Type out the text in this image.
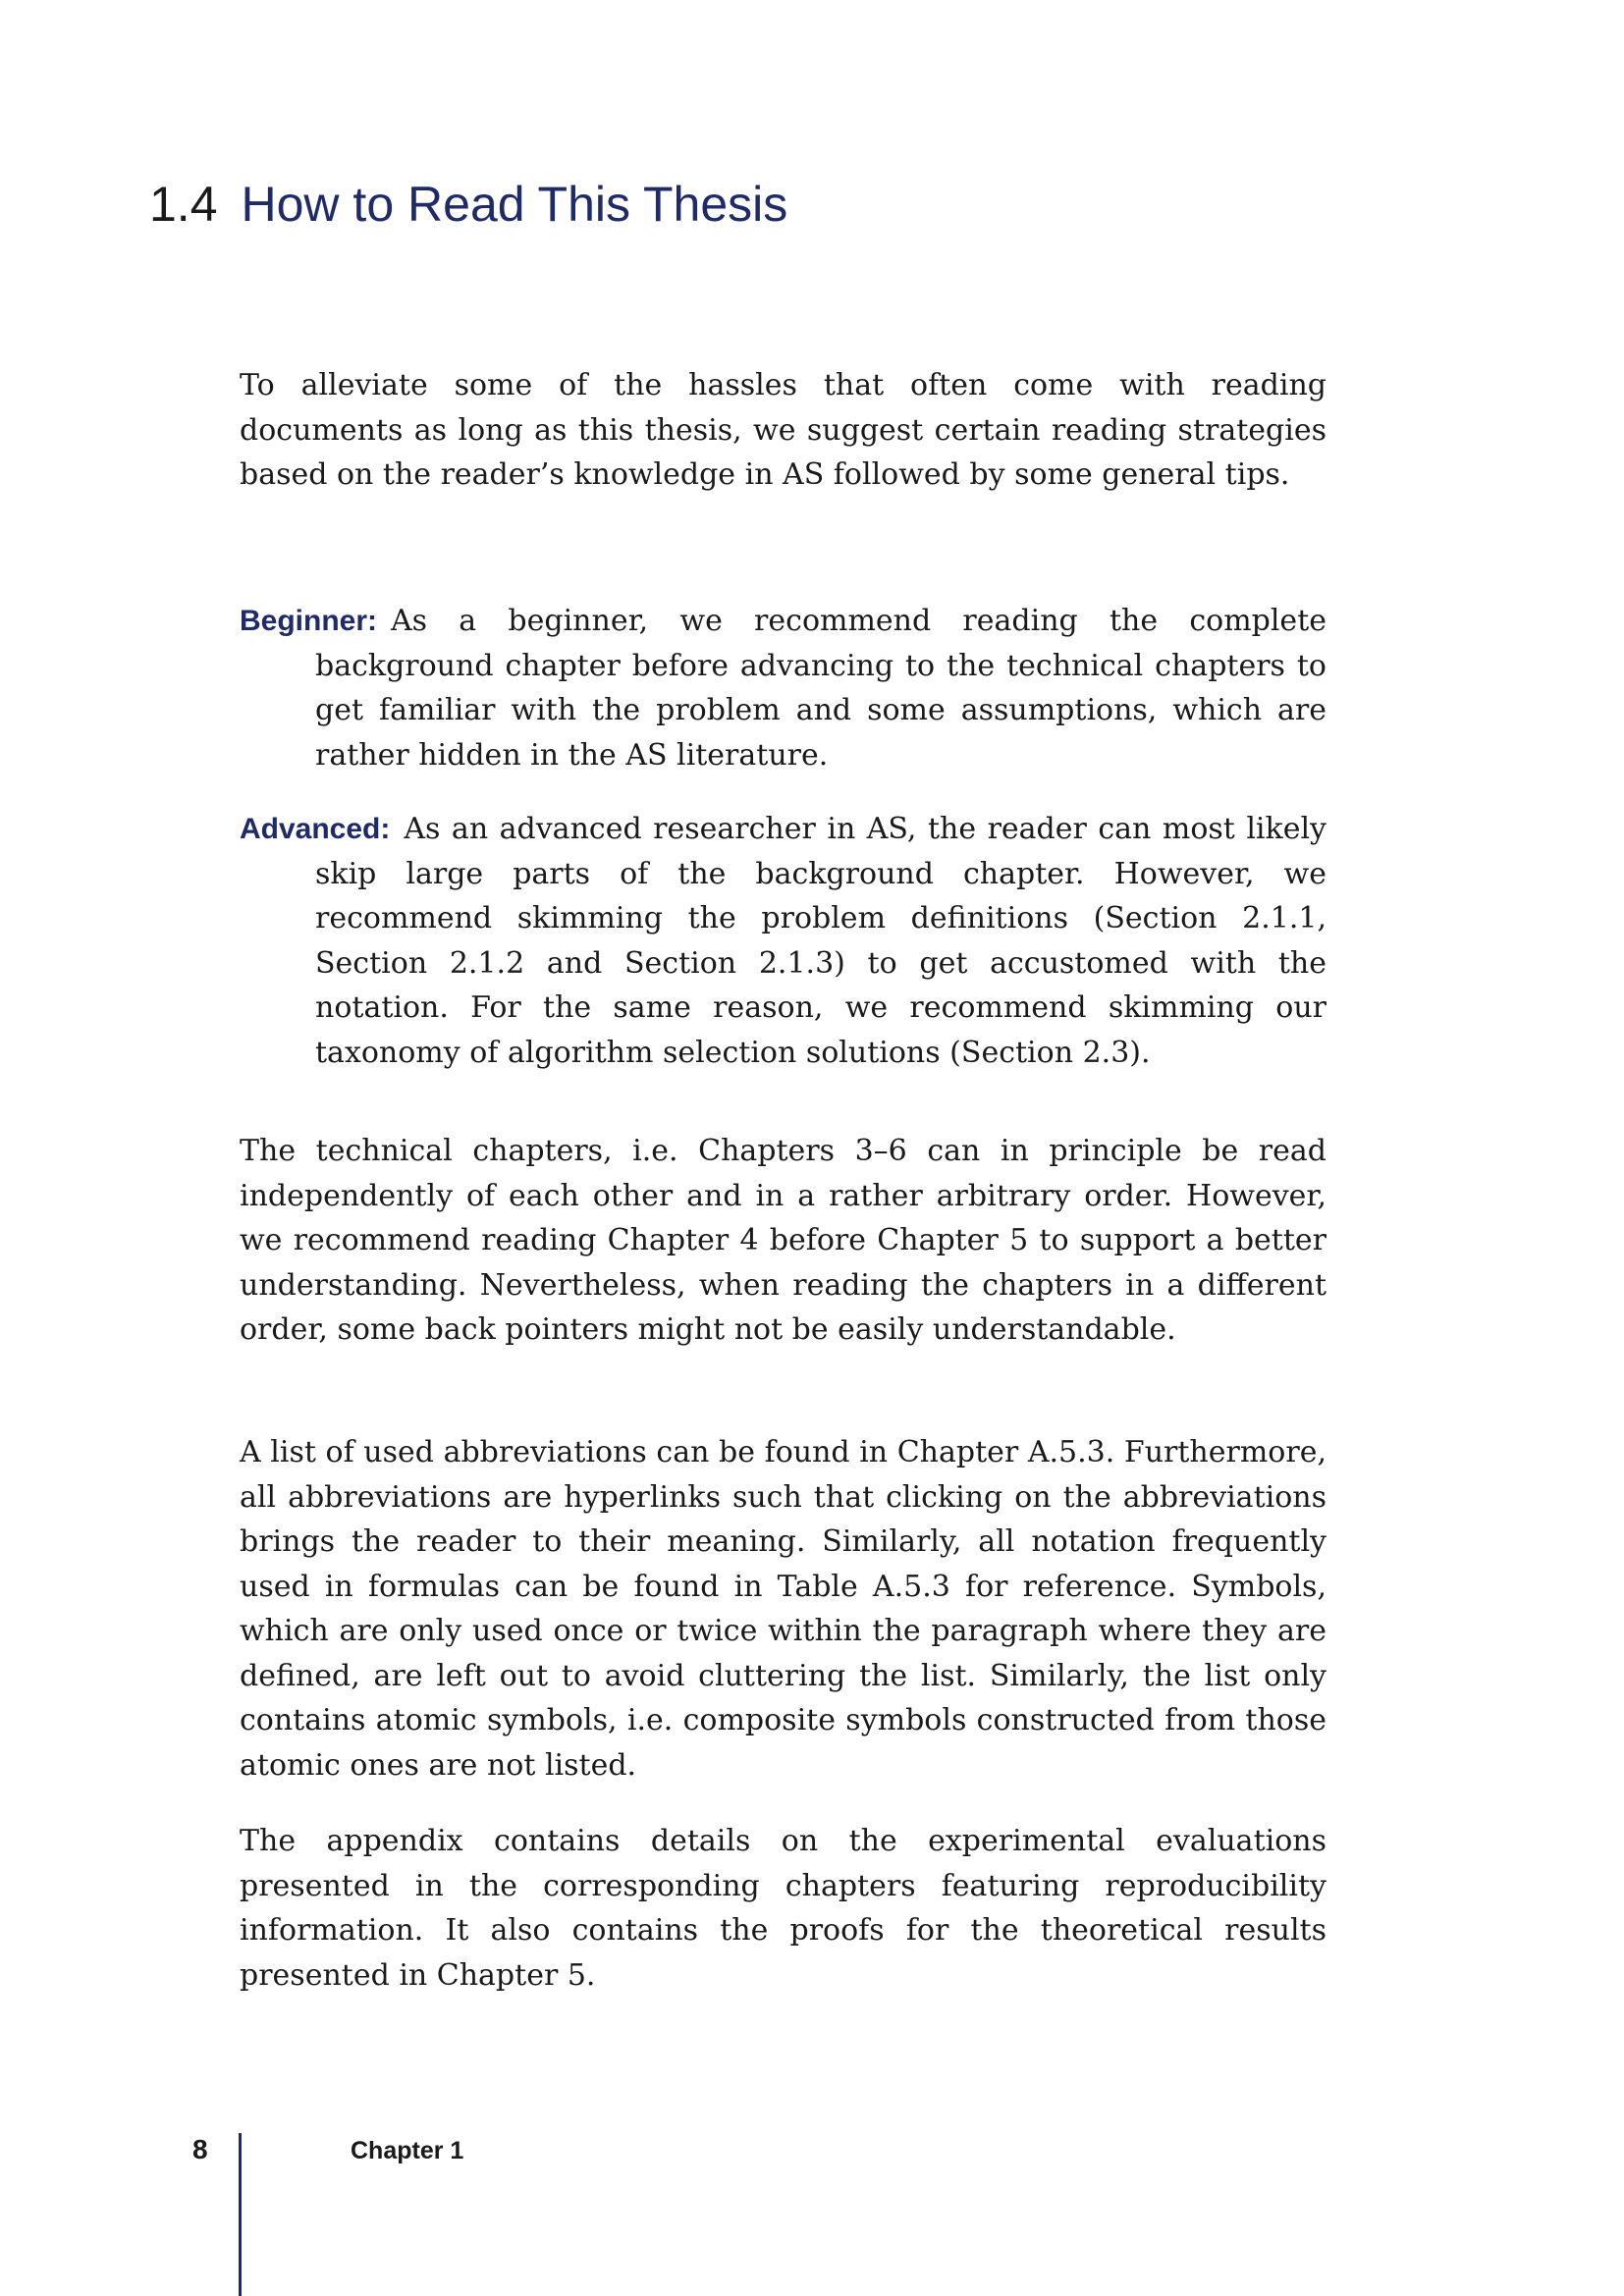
1.4 How to Read This Thesis

To alleviate some of the hassles that often come with reading documents as long as this thesis, we suggest certain reading strategies based on the reader’s knowledge in AS followed by some general tips.

Beginner: As a beginner, we recommend reading the complete background chapter before advancing to the technical chapters to get familiar with the problem and some assumptions, which are rather hidden in the AS literature.
Advanced: As an advanced researcher in AS, the reader can most likely skip large parts of the background chapter. However, we recommend skimming the problem definitions (Section 2.1.1, Section 2.1.2 and Section 2.1.3) to get accustomed with the notation. For the same reason, we recommend skimming our taxonomy of algorithm selection solutions (Section 2.3).

The technical chapters, i.e. Chapters 3–6 can in principle be read independently of each other and in a rather arbitrary order. However, we recommend reading Chapter 4 before Chapter 5 to support a better understanding. Nevertheless, when reading the chapters in a different order, some back pointers might not be easily understandable.

A list of used abbreviations can be found in Chapter A.5.3. Furthermore, all abbreviations are hyperlinks such that clicking on the abbreviations brings the reader to their meaning. Similarly, all notation frequently used in formulas can be found in Table A.5.3 for reference. Symbols, which are only used once or twice within the paragraph where they are defined, are left out to avoid cluttering the list. Similarly, the list only contains atomic symbols, i.e. composite symbols constructed from those atomic ones are not listed.

The appendix contains details on the experimental evaluations presented in the corresponding chapters featuring reproducibility information. It also contains the proofs for the theoretical results presented in Chapter 5.

8	Chapter 1
